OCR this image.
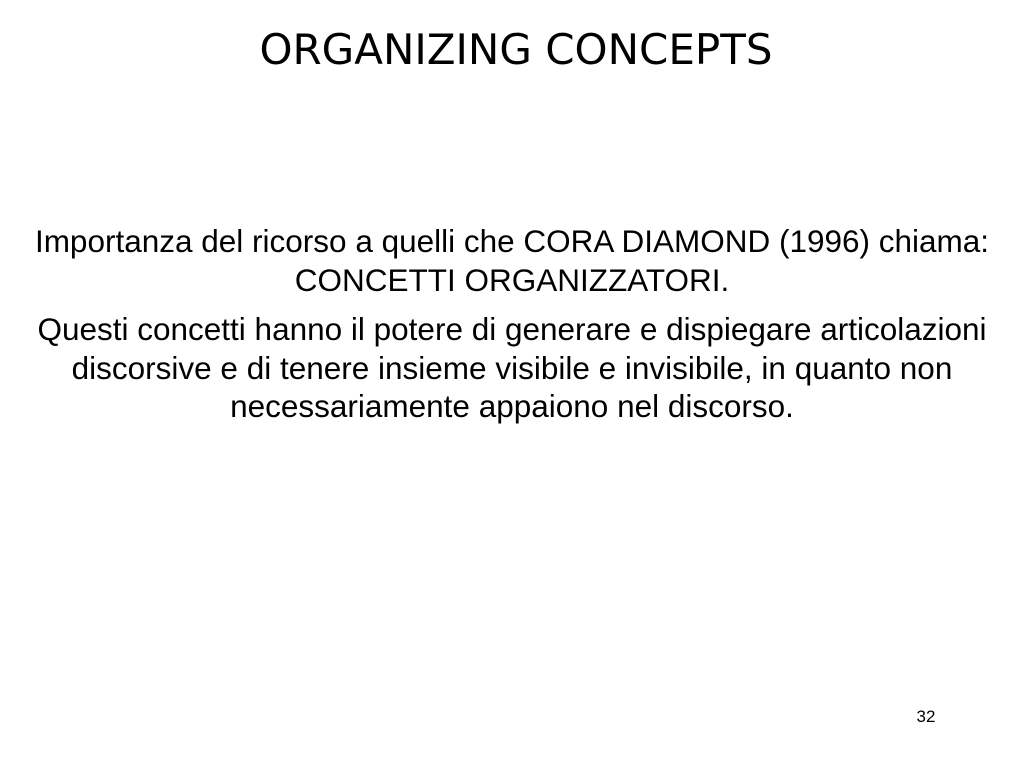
ORGANIZING CONCEPTS

Importanza del ricorso a quelli che CORA DIAMOND (1996) chiama: CONCETTI ORGANIZZATORI.

Questi concetti hanno il potere di generare e dispiegare articolazioni discorsive e di tenere insieme visibile e invisibile, in quanto non necessariamente appaiono nel discorso.

32
